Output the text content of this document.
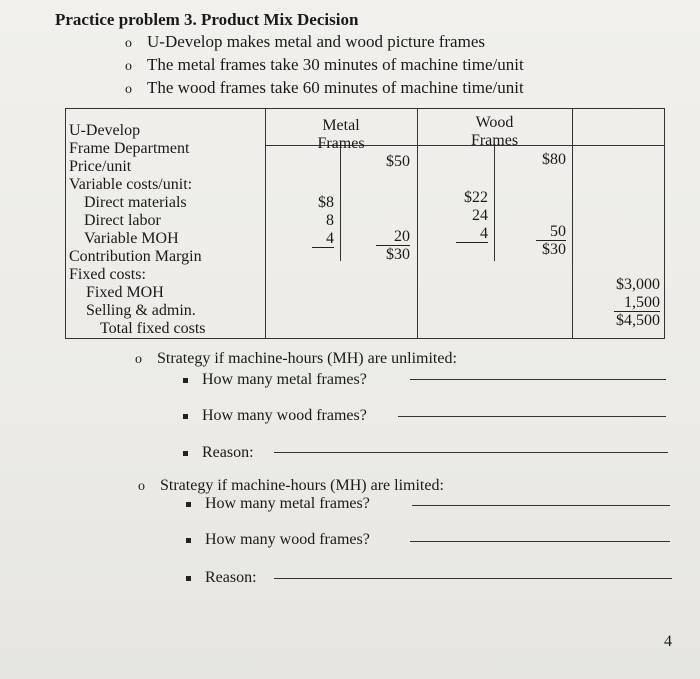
Practice problem 3. Product Mix Decision
o U-Develop makes metal and wood picture frames
o The metal frames take 30 minutes of machine time/unit
o The wood frames take 60 minutes of machine time/unit
U-Develop
Frame Department
Price/unit
Variable costs/unit:
Direct materials
Direct labor
Variable MOH
Contribution Margin
Fixed costs:
Fixed MOH
Selling & admin.
Total fixed costs
Metal
Frames
$50
$8
8
4	20
$30
Wood
Frames
$80
$22
24
4	50
$30
$3,000
1,500
$4,500
o Strategy if machine-hours (MH) are unlimited:
How many metal frames?
How many wood frames?
Reason:
o Strategy if machine-hours (MH) are limited:
How many metal frames?
How many wood frames?
Reason:
4
